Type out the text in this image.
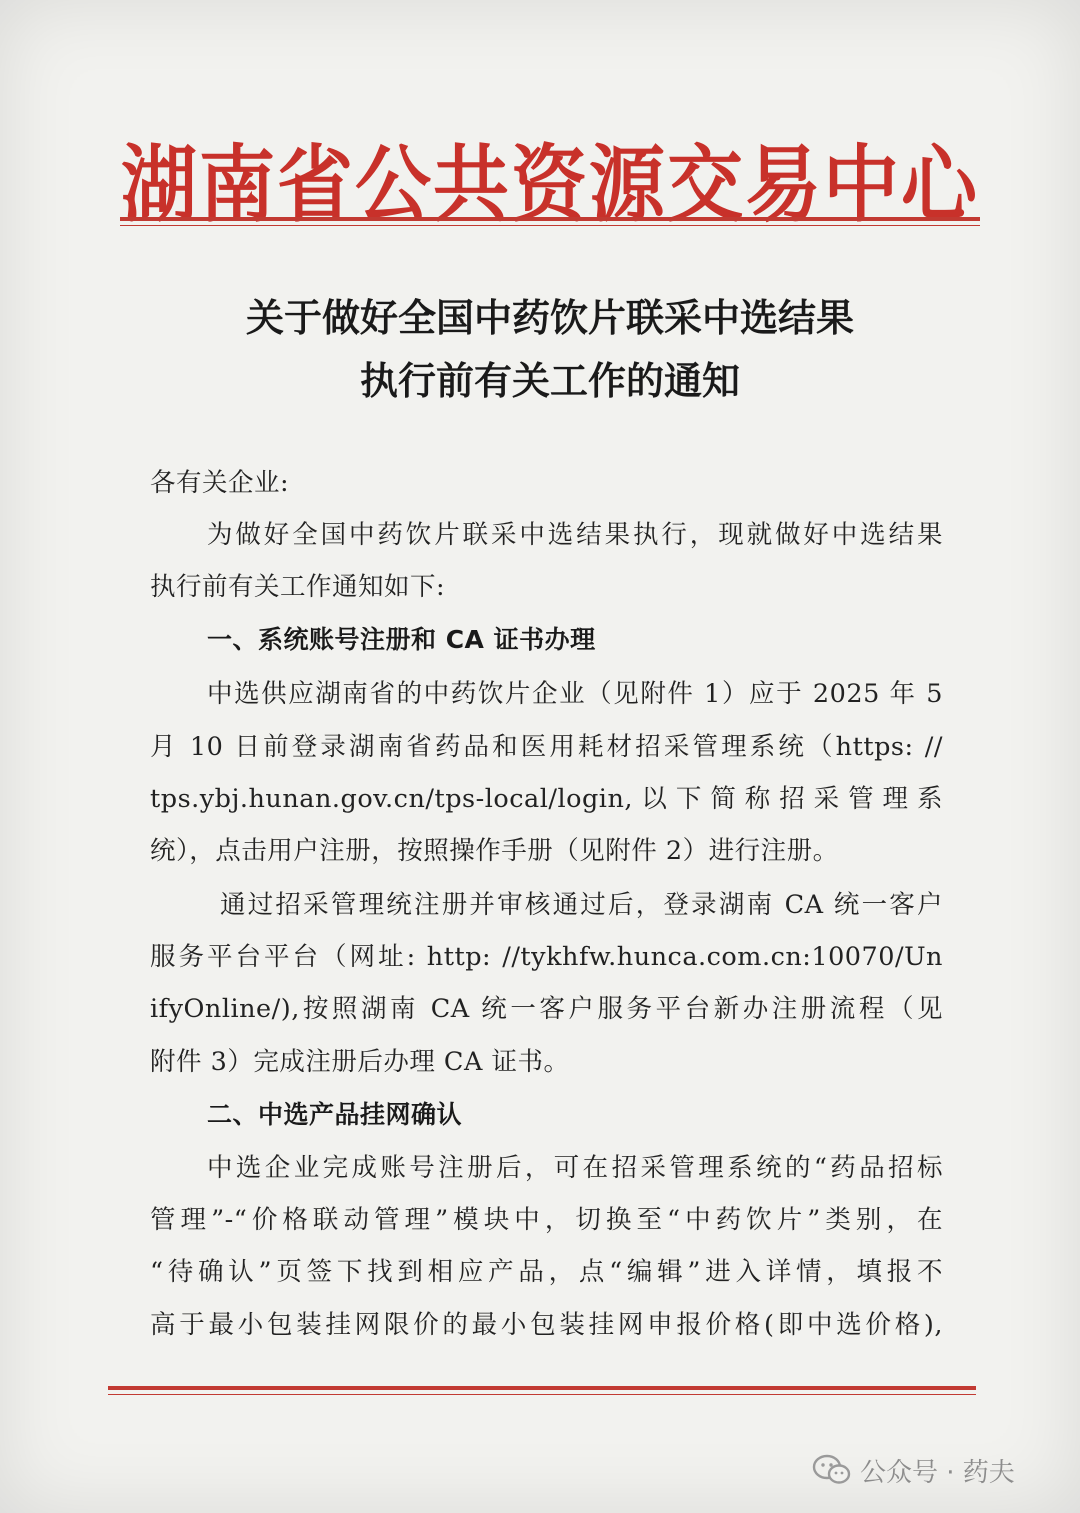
湖南省公共资源交易中心
关于做好全国中药饮片联采中选结果
执行前有关工作的通知
各有关企业:
为做好全国中药饮片联采中选结果执行，现就做好中选结果
执行前有关工作通知如下:
一、系统账号注册和 CA 证书办理
中选供应湖南省的中药饮片企业（见附件 1）应于 2025 年 5
月 10 日前登录湖南省药品和医用耗材招采管理系统（https: //
tps.ybj.hunan.gov.cn/tps-local/login,以下简称招采管理系
统），点击用户注册，按照操作手册（见附件 2）进行注册。
通过招采管理统注册并审核通过后，登录湖南 CA 统一客户
服务平台平台（网址: http: //tykhfw.hunca.com.cn:10070/Un
ifyOnline/),按照湖南 CA 统一客户服务平台新办注册流程（见
附件 3）完成注册后办理 CA 证书。
二、中选产品挂网确认
中选企业完成账号注册后，可在招采管理系统的“药品招标
管理”-“价格联动管理”模块中，切换至“中药饮片”类别，在
“待确认”页签下找到相应产品，点“编辑”进入详情，填报不
高于最小包装挂网限价的最小包装挂网申报价格(即中选价格),
公众号 · 药夫
